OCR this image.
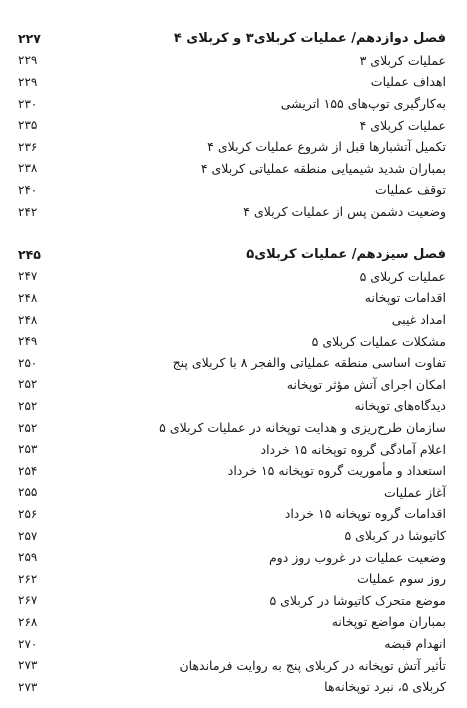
فصل دوازدهم/ عملیات کربلای۳ و کربلای ۴
۲۲۷
عملیات کربلای ۳
۲۲۹
اهداف عملیات
۲۲۹
به‌کارگیری توپ‌های ۱۵۵ اتریشی
۲۳۰
عملیات کربلای ۴
۲۳۵
تکمیل آتشبارها قبل از شروع عملیات کربلای ۴
۲۳۶
بمباران شدید شیمیایی منطقه عملیاتی کربلای ۴
۲۳۸
توقف عملیات
۲۴۰
وضعیت دشمن پس از عملیات کربلای ۴
۲۴۲
فصل سیزدهم/ عملیات کربلای۵
۲۴۵
عملیات کربلای ۵
۲۴۷
اقدامات توپخانه
۲۴۸
امداد غیبی
۲۴۸
مشکلات عملیات کربلای ۵
۲۴۹
تفاوت اساسی منطقه عملیاتی والفجر ۸ با کربلای پنج
۲۵۰
امکان اجرای آتش مؤثر توپخانه
۲۵۲
دیدگاه‌های توپخانه
۲۵۲
سازمان طرح‌ریزی و هدایت توپخانه در عملیات کربلای ۵
۲۵۲
اعلام آمادگی گروه توپخانه ۱۵ خرداد
۲۵۳
استعداد و مأموریت گروه توپخانه ۱۵ خرداد
۲۵۴
آغاز عملیات
۲۵۵
اقدامات گروه توپخانه ۱۵ خرداد
۲۵۶
کاتیوشا در کربلای ۵
۲۵۷
وضعیت عملیات در غروب روز دوم
۲۵۹
روز سوم عملیات
۲۶۲
موضع متحرک کاتیوشا در کربلای ۵
۲۶۷
بمباران مواضع توپخانه
۲۶۸
انهدام قبضه
۲۷۰
تأثیر آتش توپخانه در کربلای پنج به روایت فرماندهان
۲۷۳
کربلای ۵، نبرد توپخانه‌ها
۲۷۳
